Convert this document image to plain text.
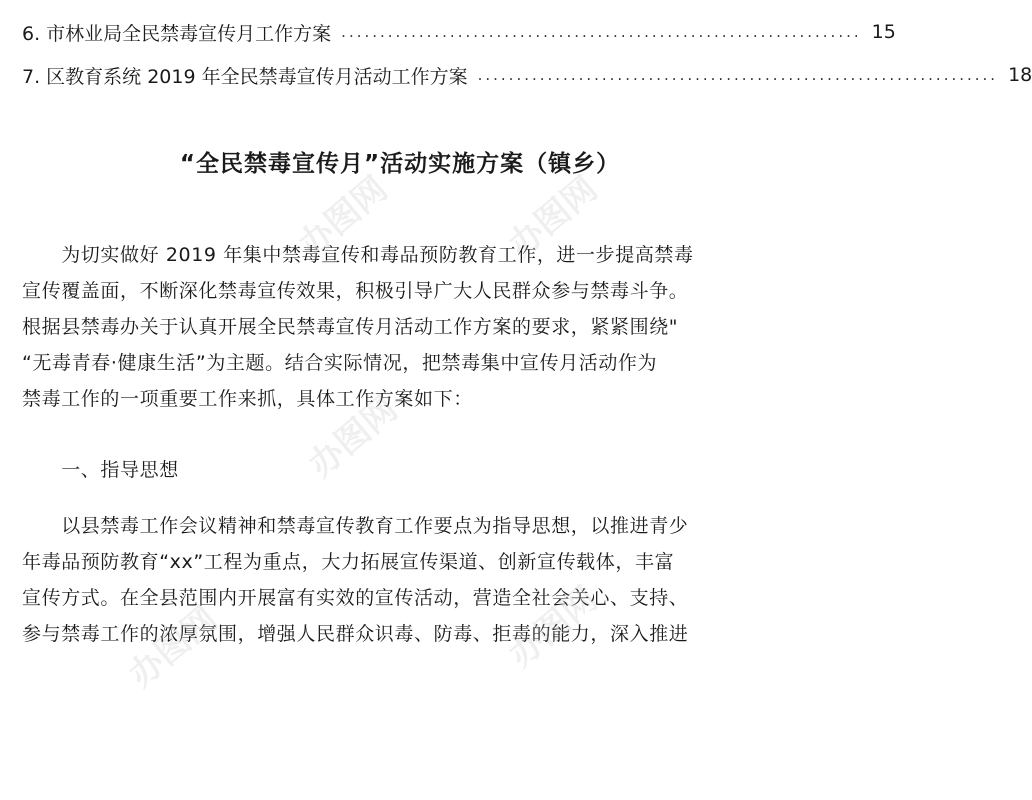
6. 市林业局全民禁毒宣传月工作方案 ................................................................... 15
7. 区教育系统 2019 年全民禁毒宣传月活动工作方案 ................................................................... 18
“全民禁毒宣传月”活动实施方案（镇乡）
　　为切实做好 2019 年集中禁毒宣传和毒品预防教育工作，进一步提高禁毒
宣传覆盖面，不断深化禁毒宣传效果，积极引导广大人民群众参与禁毒斗争。
根据县禁毒办关于认真开展全民禁毒宣传月活动工作方案的要求，紧紧围绕"
“无毒青春·健康生活”为主题。结合实际情况，把禁毒集中宣传月活动作为
禁毒工作的一项重要工作来抓，具体工作方案如下：
　　一、指导思想
　　以县禁毒工作会议精神和禁毒宣传教育工作要点为指导思想，以推进青少
年毒品预防教育“xx”工程为重点，大力拓展宣传渠道、创新宣传载体，丰富
宣传方式。在全县范围内开展富有实效的宣传活动，营造全社会关心、支持、
参与禁毒工作的浓厚氛围，增强人民群众识毒、防毒、拒毒的能力，深入推进
办图网	办图网
办图网
办图网
办图网
